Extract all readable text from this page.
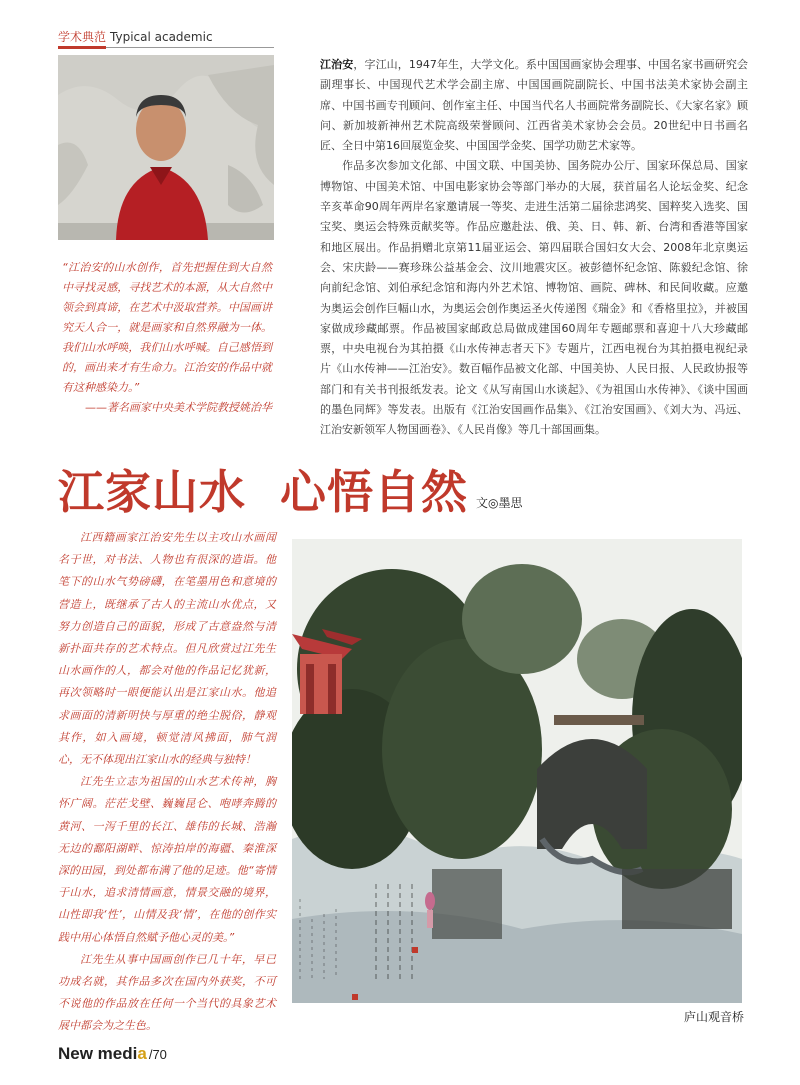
学术典范 Typical academic
“江治安的山水创作，首先把握住到大自然中寻找灵感，寻找艺术的本源，从大自然中领会到真谛，在艺术中汲取营养。中国画讲究天人合一，就是画家和自然界融为一体。我们山水呼唤，我们山水呼喊。自己感悟到的，画出来才有生命力。江治安的作品中就有这种感染力。”
——著名画家中央美术学院教授姚治华

江治安，字江山，1947年生，大学文化。系中国国画家协会理事、中国名家书画研究会副理事长、中国现代艺术学会副主席、中国国画院副院长、中国书法美术家协会副主席、中国书画专刊顾问、创作室主任、中国当代名人书画院常务副院长、《大家名家》顾问、新加坡新神州艺术院高级荣誉顾问、江西省美术家协会会员。20世纪中日书画名匠、全日中第16回展览金奖、中国国学金奖、国学功勋艺术家等。

作品多次参加文化部、中国文联、中国美协、国务院办公厅、国家环保总局、国家博物馆、中国美术馆、中国电影家协会等部门举办的大展，获首届名人论坛金奖、纪念辛亥革命90周年两岸名家邀请展一等奖、走进生活第二届徐悲鸿奖、国粹奖入选奖、国宝奖、奥运会特殊贡献奖等。作品应邀赴法、俄、美、日、韩、新、台湾和香港等国家和地区展出。作品捐赠北京第11届亚运会、第四届联合国妇女大会、2008年北京奥运会、宋庆龄——赛珍珠公益基金会、汶川地震灾区。被彭德怀纪念馆、陈毅纪念馆、徐向前纪念馆、刘伯承纪念馆和海内外艺术馆、博物馆、画院、碑林、和民间收藏。应邀为奥运会创作巨幅山水，为奥运会创作奥运圣火传递图《瑞金》和《香格里拉》，并被国家做成珍藏邮票。作品被国家邮政总局做成建国60周年专题邮票和喜迎十八大珍藏邮票，中央电视台为其拍摄《山水传神志者天下》专题片，江西电视台为其拍摄电视纪录片《山水传神——江治安》。数百幅作品被文化部、中国美协、人民日报、人民政协报等部门和有关书刊报纸发表。论文《从写南国山水谈起》、《为祖国山水传神》、《谈中国画的墨色同辉》等发表。出版有《江治安国画作品集》、《江治安国画》、《刘大为、冯远、江治安新领军人物国画卷》、《人民肖像》等几十部国画集。

江家山水  心悟自然 文◎墨思

江西籍画家江治安先生以主攻山水画闻名于世，对书法、人物也有很深的造诣。他笔下的山水气势磅礴，在笔墨用色和意境的营造上，既继承了古人的主流山水优点，又努力创造自己的面貌，形成了古意盎然与清新扑面共存的艺术特点。但凡欣赏过江先生山水画作的人，都会对他的作品记忆犹新，再次领略时一眼便能认出是江家山水。他追求画面的清新明快与厚重的绝尘脱俗，静观其作，如入画境，顿觉清风拂面，肺气润心，无不体现出江家山水的经典与独特！

江先生立志为祖国的山水艺术传神，胸怀广阔。茫茫戈壁、巍巍昆仑、咆哮奔腾的黄河、一泻千里的长江、雄伟的长城、浩瀚无边的鄱阳湖畔、惊涛拍岸的海疆、秦淮深深的田园，到处都布满了他的足迹。他“寄情于山水，追求清情画意，情景交融的境界，山性即我‘性’，山情及我‘情’，在他的创作实践中用心体悟自然赋予他心灵的美。”

江先生从事中国画创作已几十年，早已功成名就，其作品多次在国内外获奖，不可不说他的作品放在任何一个当代的具象艺术展中都会为之生色。

庐山观音桥
New media /70
